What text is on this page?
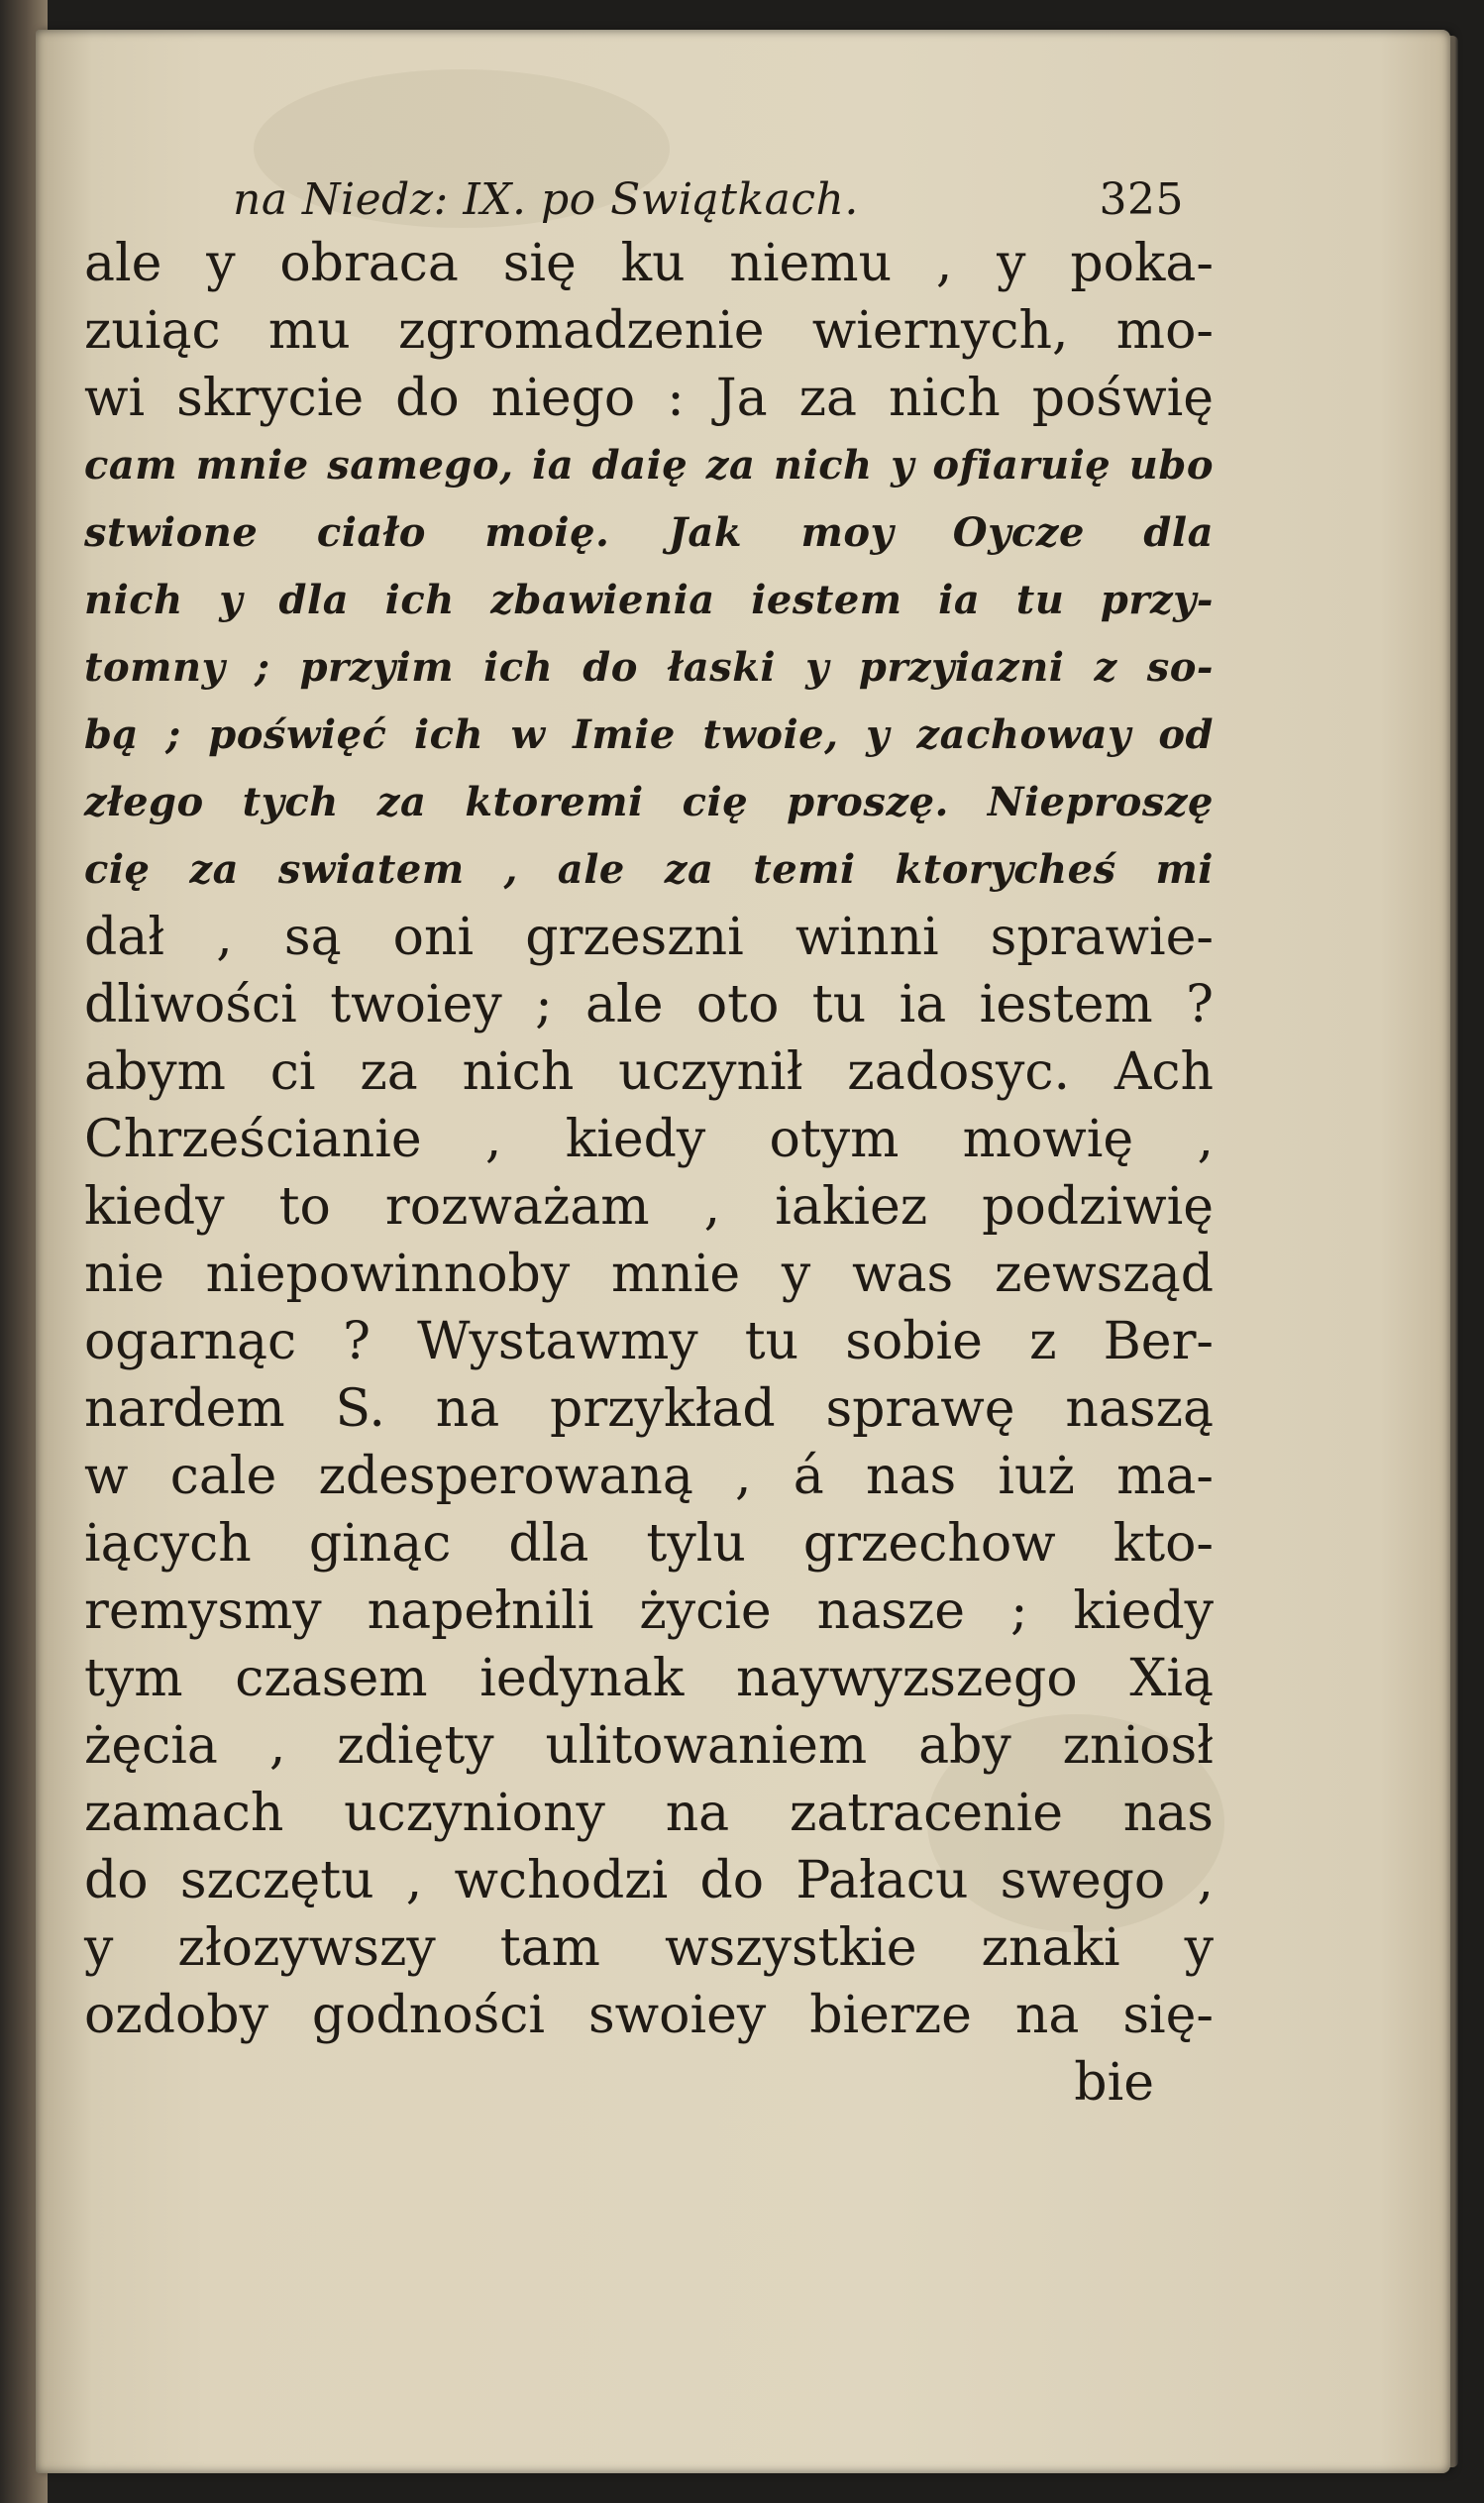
na Niedz: IX. po Swiątkach.	325
ale y obraca się ku niemu , y poka-
zuiąc mu zgromadzenie wiernych, mo-
wi skrycie do niego : Ja za nich poświę
cam mnie samego, ia daię za nich y ofiaruię ubo
stwione ciało moię. Jak moy Oycze dla
nich y dla ich zbawienia iestem ia tu przy-
tomny ; przyim ich do łaski y przyiazni z so-
bą ; poświęć ich w Imie twoie, y zachoway od
złego tych za ktoremi cię proszę. Nieproszę
cię za swiatem , ale za temi ktorycheś mi
dał , są oni grzeszni winni sprawie-
dliwości twoiey ; ale oto tu ia iestem ?
abym ci za nich uczynił zadosyc. Ach
Chrześcianie , kiedy otym mowię ,
kiedy to rozważam , iakiez podziwię
nie niepowinnoby mnie y was zewsząd
ogarnąc ? Wystawmy tu sobie z Ber-
nardem S. na przykład sprawę naszą
w cale zdesperowaną , á nas iuż ma-
iących ginąc dla tylu grzechow kto-
remysmy napełnili życie nasze ; kiedy
tym czasem iedynak naywyzszego Xią
żęcia , zdięty ulitowaniem aby zniosł
zamach uczyniony na zatracenie nas
do szczętu , wchodzi do Pałacu swego ,
y złozywszy tam wszystkie znaki y
ozdoby godności swoiey bierze na się-
bie
